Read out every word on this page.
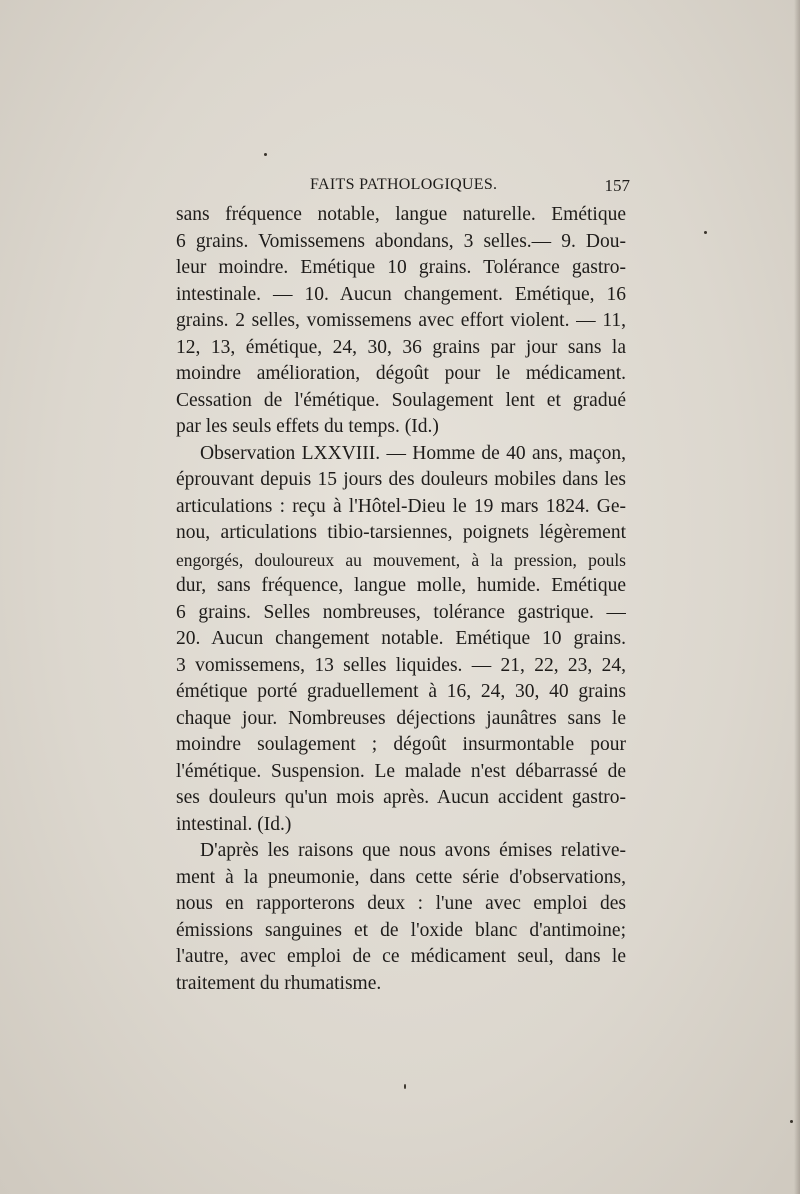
FAITS PATHOLOGIQUES.	157
sans fréquence notable, langue naturelle. Emétique
6 grains. Vomissemens abondans, 3 selles.— 9. Dou-
leur moindre. Emétique 10 grains. Tolérance gastro-
intestinale. — 10. Aucun changement. Emétique, 16
grains. 2 selles, vomissemens avec effort violent. — 11,
12, 13, émétique, 24, 30, 36 grains par jour sans la
moindre amélioration, dégoût pour le médicament.
Cessation de l'émétique. Soulagement lent et gradué
par les seuls effets du temps. (Id.)
Observation LXXVIII. — Homme de 40 ans, maçon,
éprouvant depuis 15 jours des douleurs mobiles dans les
articulations : reçu à l'Hôtel-Dieu le 19 mars 1824. Ge-
nou, articulations tibio-tarsiennes, poignets légèrement
engorgés, douloureux au mouvement, à la pression, pouls
dur, sans fréquence, langue molle, humide. Emétique
6 grains. Selles nombreuses, tolérance gastrique. —
20. Aucun changement notable. Emétique 10 grains.
3 vomissemens, 13 selles liquides. — 21, 22, 23, 24,
émétique porté graduellement à 16, 24, 30, 40 grains
chaque jour. Nombreuses déjections jaunâtres sans le
moindre soulagement ; dégoût insurmontable pour
l'émétique. Suspension. Le malade n'est débarrassé de
ses douleurs qu'un mois après. Aucun accident gastro-
intestinal. (Id.)
D'après les raisons que nous avons émises relative-
ment à la pneumonie, dans cette série d'observations,
nous en rapporterons deux : l'une avec emploi des
émissions sanguines et de l'oxide blanc d'antimoine;
l'autre, avec emploi de ce médicament seul, dans le
traitement du rhumatisme.
